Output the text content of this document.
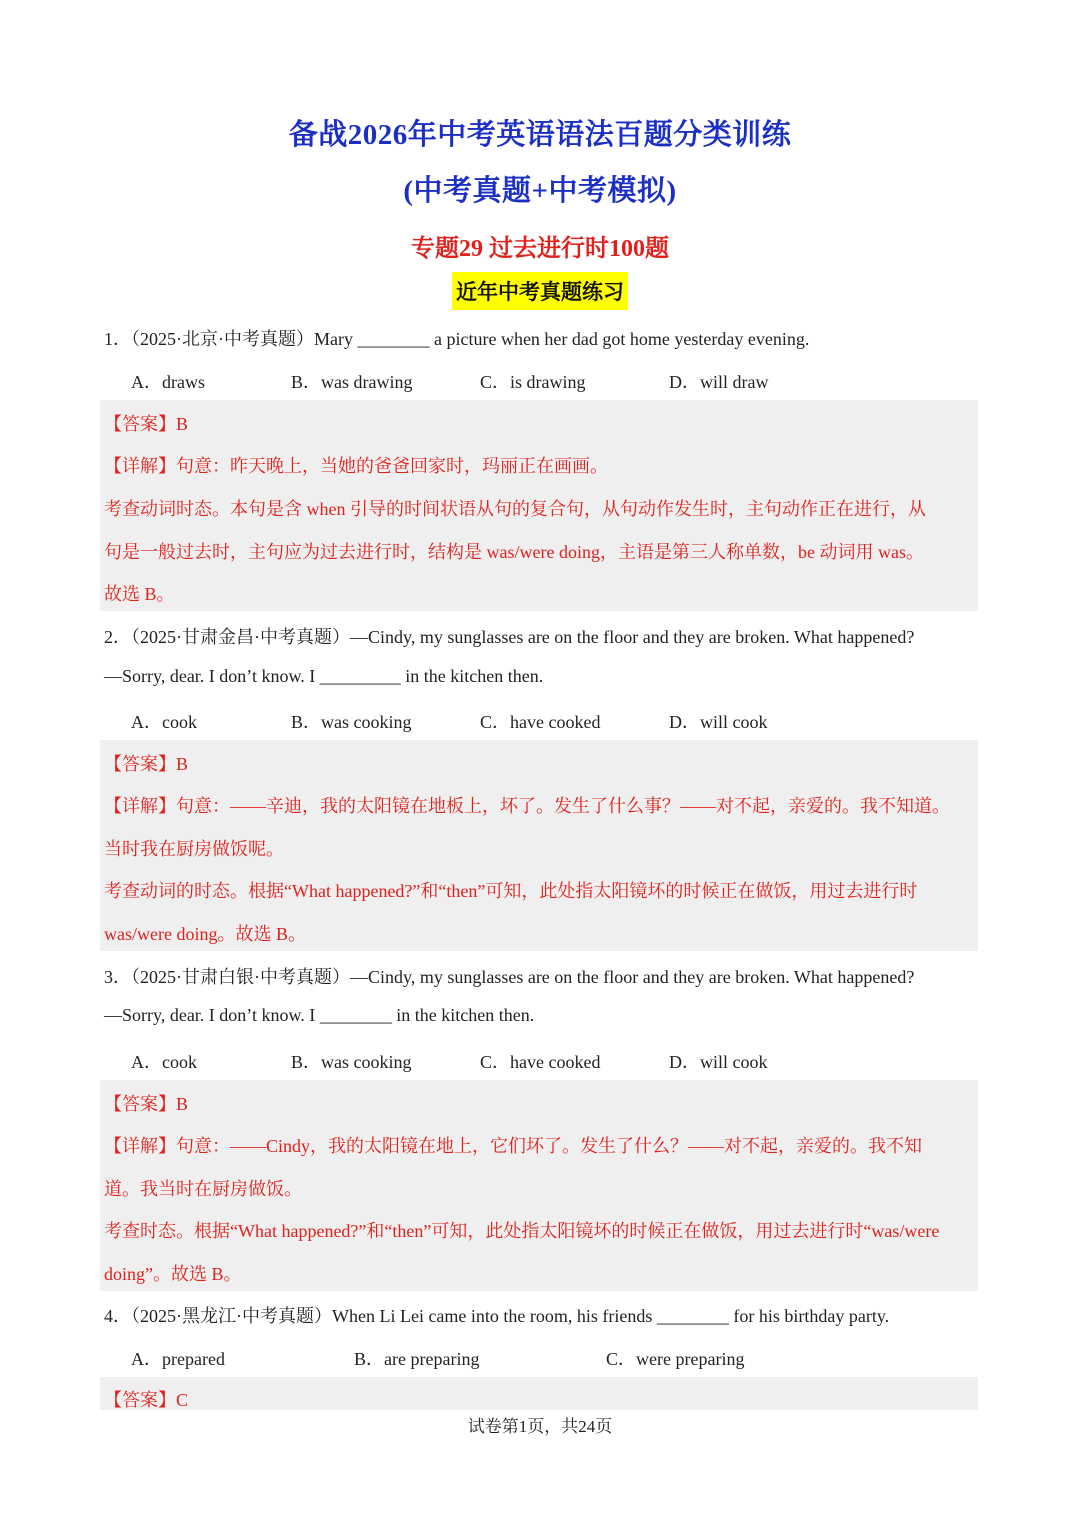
备战2026年中考英语语法百题分类训练
(中考真题+中考模拟)
专题29 过去进行时100题
近年中考真题练习
1．（2025·北京·中考真题）Mary ________ a picture when her dad got home yesterday evening.
A．draws	B．was drawing	C．is drawing	D．will draw
【答案】B
【详解】句意：昨天晚上，当她的爸爸回家时，玛丽正在画画。
考查动词时态。本句是含 when 引导的时间状语从句的复合句，从句动作发生时，主句动作正在进行，从
句是一般过去时，主句应为过去进行时，结构是 was/were doing，主语是第三人称单数，be 动词用 was。
故选 B。
2．（2025·甘肃金昌·中考真题）—Cindy, my sunglasses are on the floor and they are broken. What happened?
—Sorry, dear. I don’t know. I _________ in the kitchen then.
A．cook	B．was cooking	C．have cooked	D．will cook
【答案】B
【详解】句意：——辛迪，我的太阳镜在地板上，坏了。发生了什么事？——对不起，亲爱的。我不知道。
当时我在厨房做饭呢。
考查动词的时态。根据“What happened?”和“then”可知，此处指太阳镜坏的时候正在做饭，用过去进行时
was/were doing。故选 B。
3．（2025·甘肃白银·中考真题）—Cindy, my sunglasses are on the floor and they are broken. What happened?
—Sorry, dear. I don’t know. I ________ in the kitchen then.
A．cook	B．was cooking	C．have cooked	D．will cook
【答案】B
【详解】句意：——Cindy，我的太阳镜在地上，它们坏了。发生了什么？——对不起，亲爱的。我不知
道。我当时在厨房做饭。
考查时态。根据“What happened?”和“then”可知，此处指太阳镜坏的时候正在做饭，用过去进行时“was/were
doing”。故选 B。
4．（2025·黑龙江·中考真题）When Li Lei came into the room, his friends ________ for his birthday party.
A．prepared	B．are preparing	C．were preparing
【答案】C
试卷第1页，共24页
